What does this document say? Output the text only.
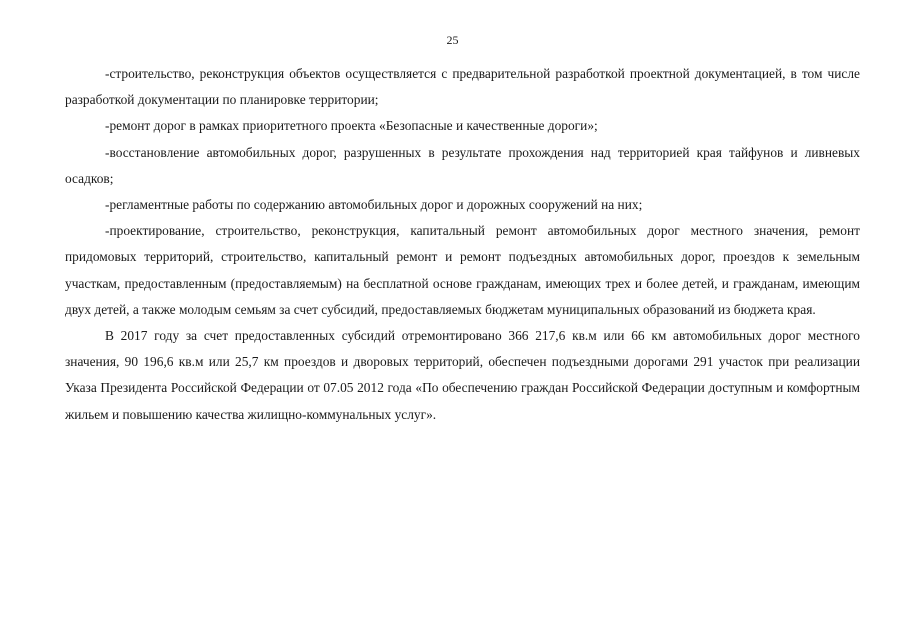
25

-строительство, реконструкция объектов осуществляется с предварительной разработкой проектной документацией, в том числе разработкой документации по планировке территории;

-ремонт дорог в рамках приоритетного проекта «Безопасные и качественные дороги»;

-восстановление автомобильных дорог, разрушенных в результате прохождения над территорией края тайфунов и ливневых осадков;

-регламентные работы по содержанию автомобильных дорог и дорожных сооружений на них;

-проектирование, строительство, реконструкция, капитальный ремонт автомобильных дорог местного значения, ремонт придомовых территорий, строительство, капитальный ремонт и ремонт подъездных автомобильных дорог, проездов к земельным участкам, предоставленным (предоставляемым) на бесплатной основе гражданам, имеющих трех и более детей, и гражданам, имеющим двух детей, а также молодым семьям за счет субсидий, предоставляемых бюджетам муниципальных образований из бюджета края.

В 2017 году за счет предоставленных субсидий отремонтировано 366 217,6 кв.м или 66 км автомобильных дорог местного значения, 90 196,6 кв.м или 25,7 км проездов и дворовых территорий, обеспечен подъездными дорогами 291 участок при реализации Указа Президента Российской Федерации от 07.05 2012 года «По обеспечению граждан Российской Федерации доступным и комфортным жильем и повышению качества жилищно-коммунальных услуг».
